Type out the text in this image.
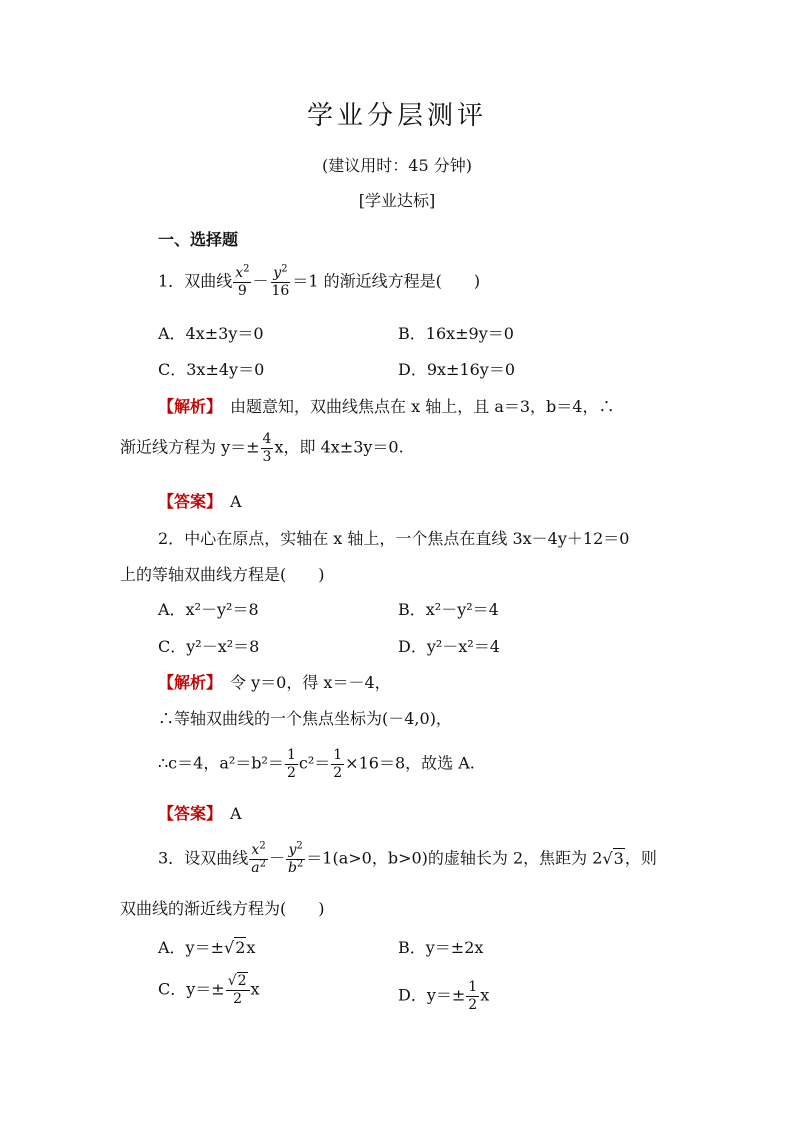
学业分层测评
(建议用时：45 分钟)
[学业达标]
一、选择题
1．双曲线 $\frac{x^2}{9} - \frac{y^2}{16} =1$ 的渐近线方程是(　　)
A．4x±3y＝0	B．16x±9y＝0
C．3x±4y＝0	D．9x±16y＝0
【解析】　 由题意知，双曲线焦点在 x 轴上，且 a＝3，b＝4，∴
渐近线方程为 $y=\pm \frac{4}{3}$ x，即 4x±3y＝0.
【答案】　 A
2．中心在原点，实轴在 x 轴上，一个焦点在直线 3x－4y＋12＝0
上的等轴双曲线方程是(　　)
A．x²－y²＝8	B．x²－y²＝4
C．y²－x²＝8	D．y²－x²＝4
【解析】　 令 y＝0，得 x＝－4，
∴等轴双曲线的一个焦点坐标为(－4,0)，
∴c＝4，$a^2=b^2= \frac{1}{2} c^2= \frac{1}{2} \times 16=8$，故选 A.
【答案】　 A
3．设双曲线 $\frac{x^2}{a^2} - \frac{y^2}{b^2} =1(a>0$，b>0)的虚轴长为 2，焦距为 2√3，则
双曲线的渐近线方程为(　　)
A．y＝±√2x	B．y＝±2x
C．$y=\pm \frac{√2}{2}$ x	D．$y=\pm \frac{1}{2}$ x
